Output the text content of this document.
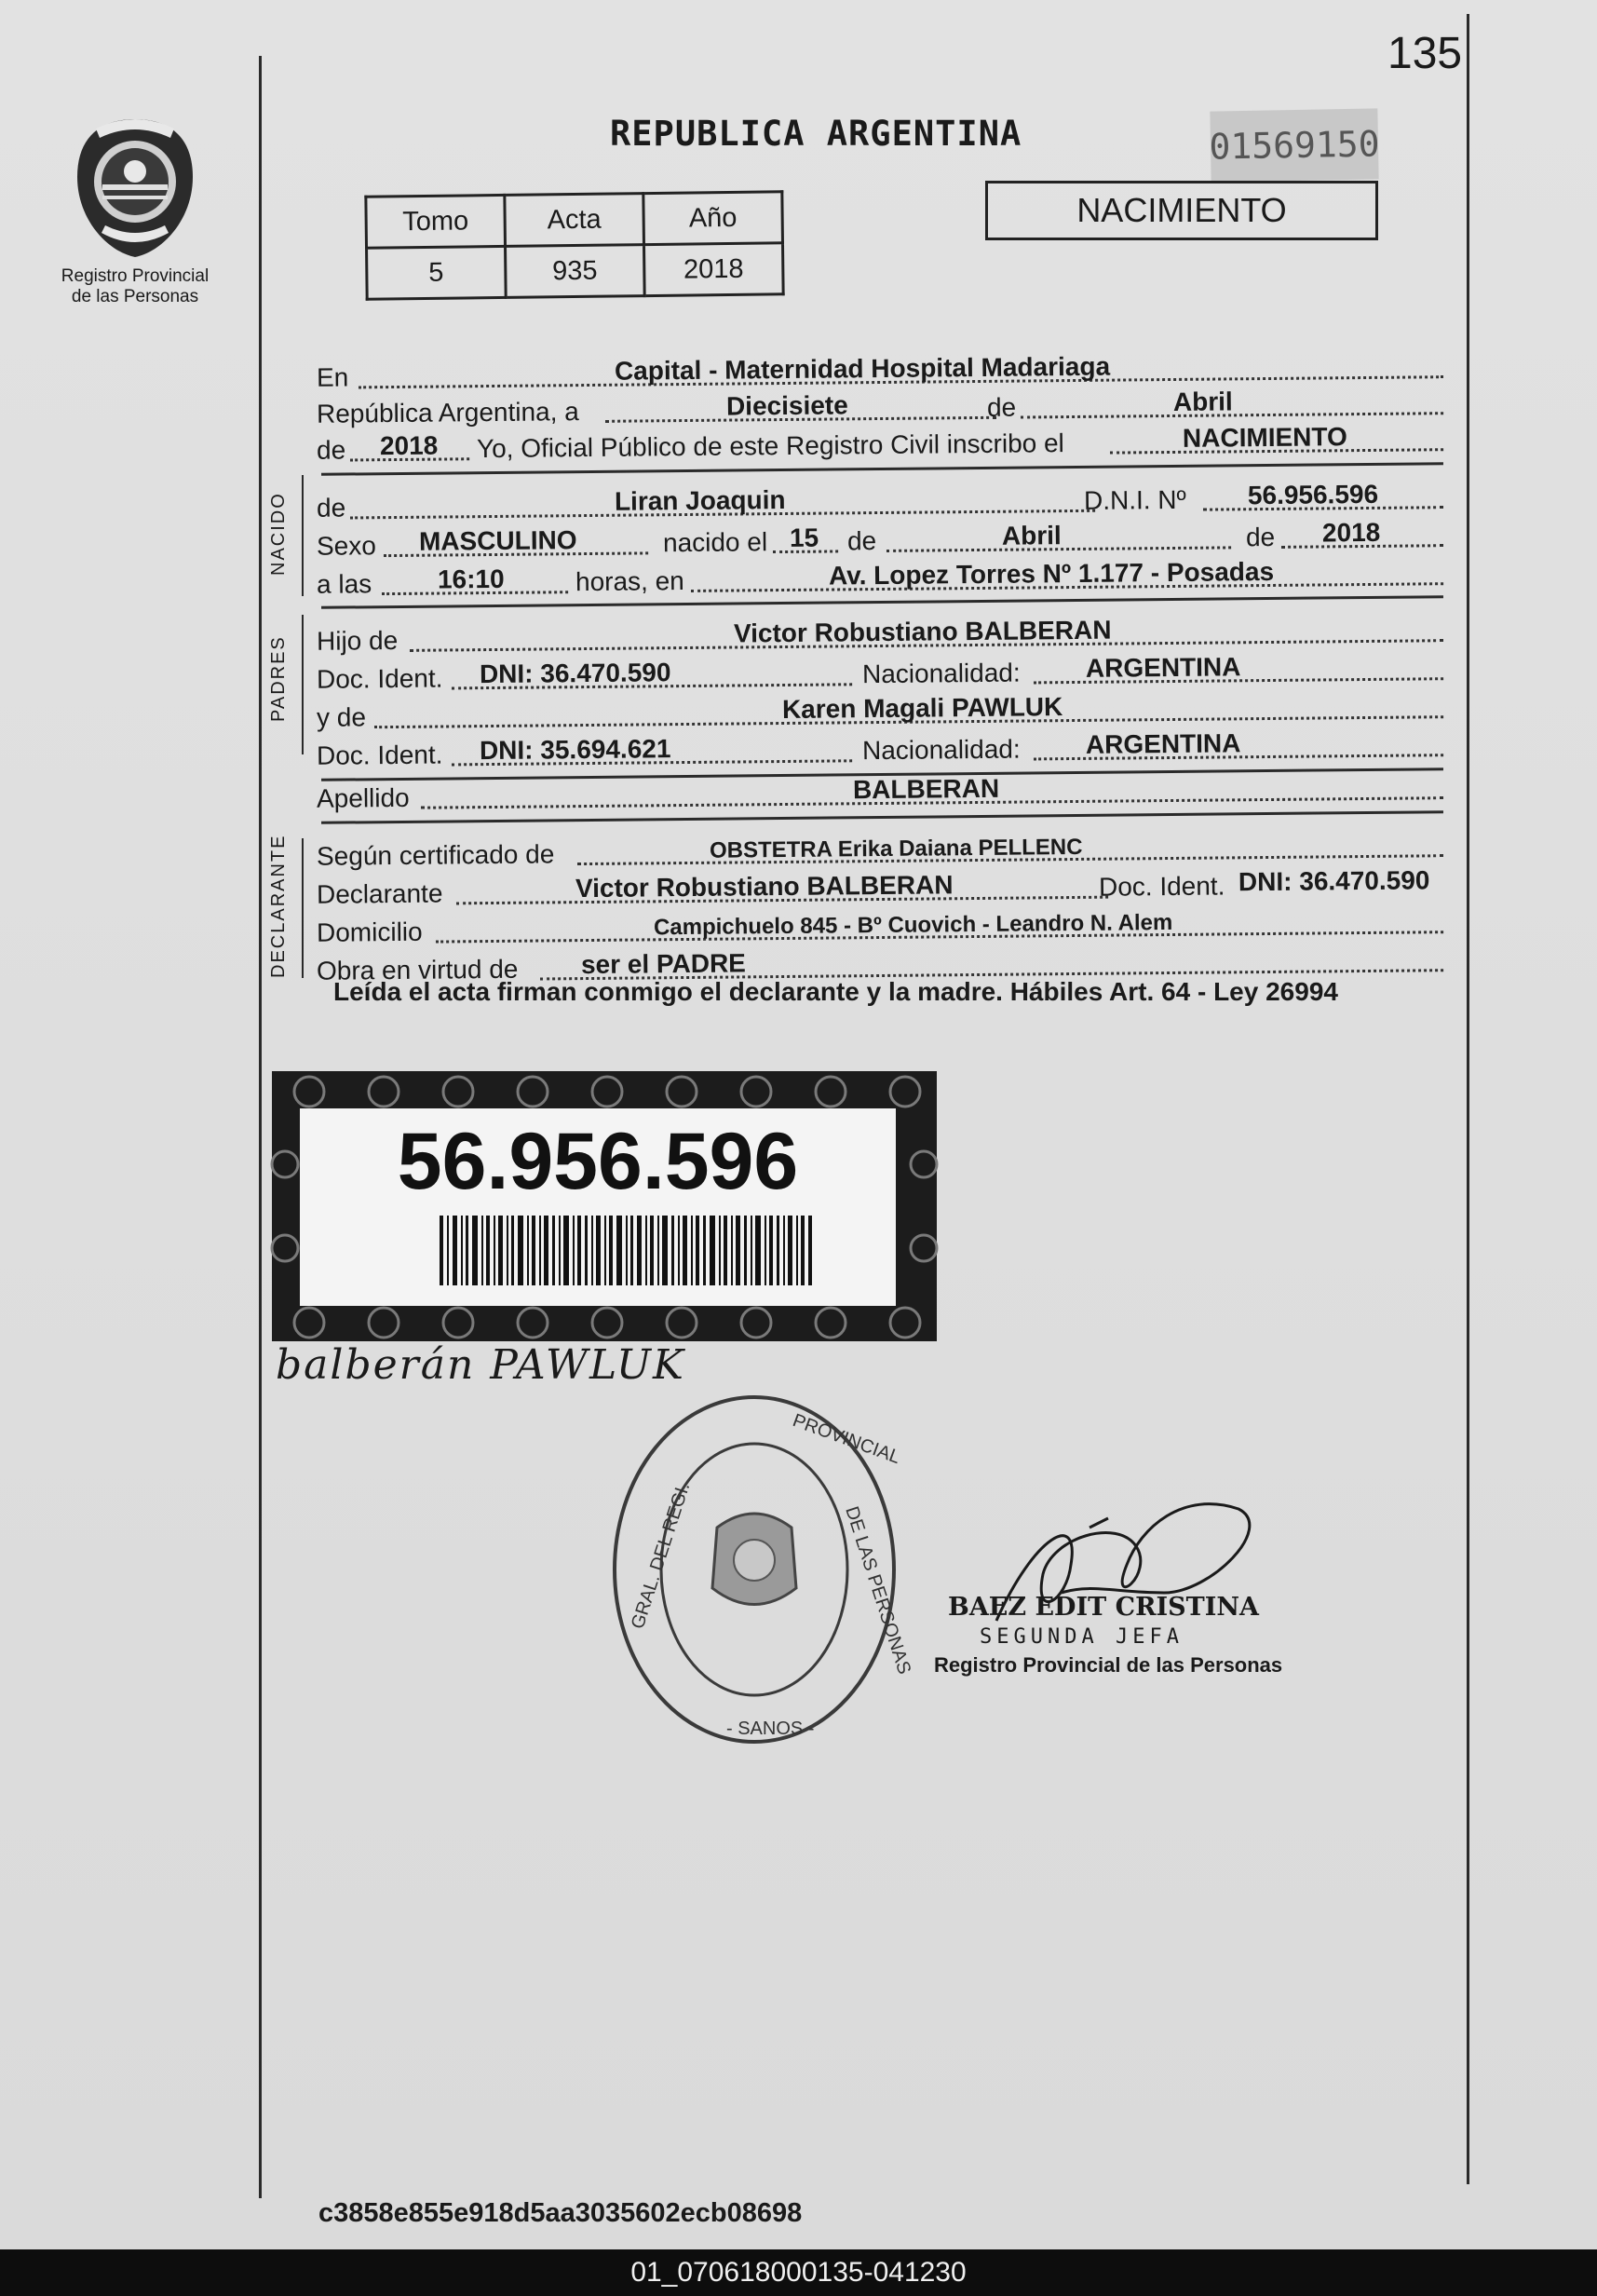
135
Registro Provincial
de las Personas
REPUBLICA ARGENTINA	01569150
NACIMIENTO
Tomo	Acta	Año
5	935	2018
NACIDO
PADRES
DECLARANTE
En	Capital - Maternidad Hospital Madariaga
República Argentina, a	Diecisiete	de	Abril
de 2018 Yo, Oficial Público de este Registro Civil inscribo el	NACIMIENTO
de	Liran Joaquin	D.N.I. Nº 56.956.596
Sexo MASCULINO	nacido el 15 de	Abril	de 2018
a las	16:10	horas, en	Av. Lopez Torres Nº 1.177 - Posadas
Hijo de	Victor Robustiano BALBERAN
Doc. Ident. DNI: 36.470.590	Nacionalidad: ARGENTINA
y de	Karen Magali PAWLUK
Doc. Ident. DNI: 35.694.621	Nacionalidad: ARGENTINA
Apellido	BALBERAN
Según certificado de	OBSTETRA Erika Daiana PELLENC
Declarante	Victor Robustiano BALBERAN	Doc. Ident. DNI: 36.470.590
Domicilio	Campichuelo 845 - Bº Cuovich - Leandro N. Alem
Obra en virtud de ser el PADRE
Leída el acta firman conmigo el declarante y la madre. Hábiles Art. 64 - Ley 26994
56.956.596
balberán PAWLUK
PROVINCIAL
GRAL. DEL REGI.	DE LAS PERSONAS
- SANOS -
BAEZ EDIT CRISTINA
SEGUNDA JEFA
Registro Provincial de las Personas
c3858e855e918d5aa3035602ecb08698
01_070618000135-041230
